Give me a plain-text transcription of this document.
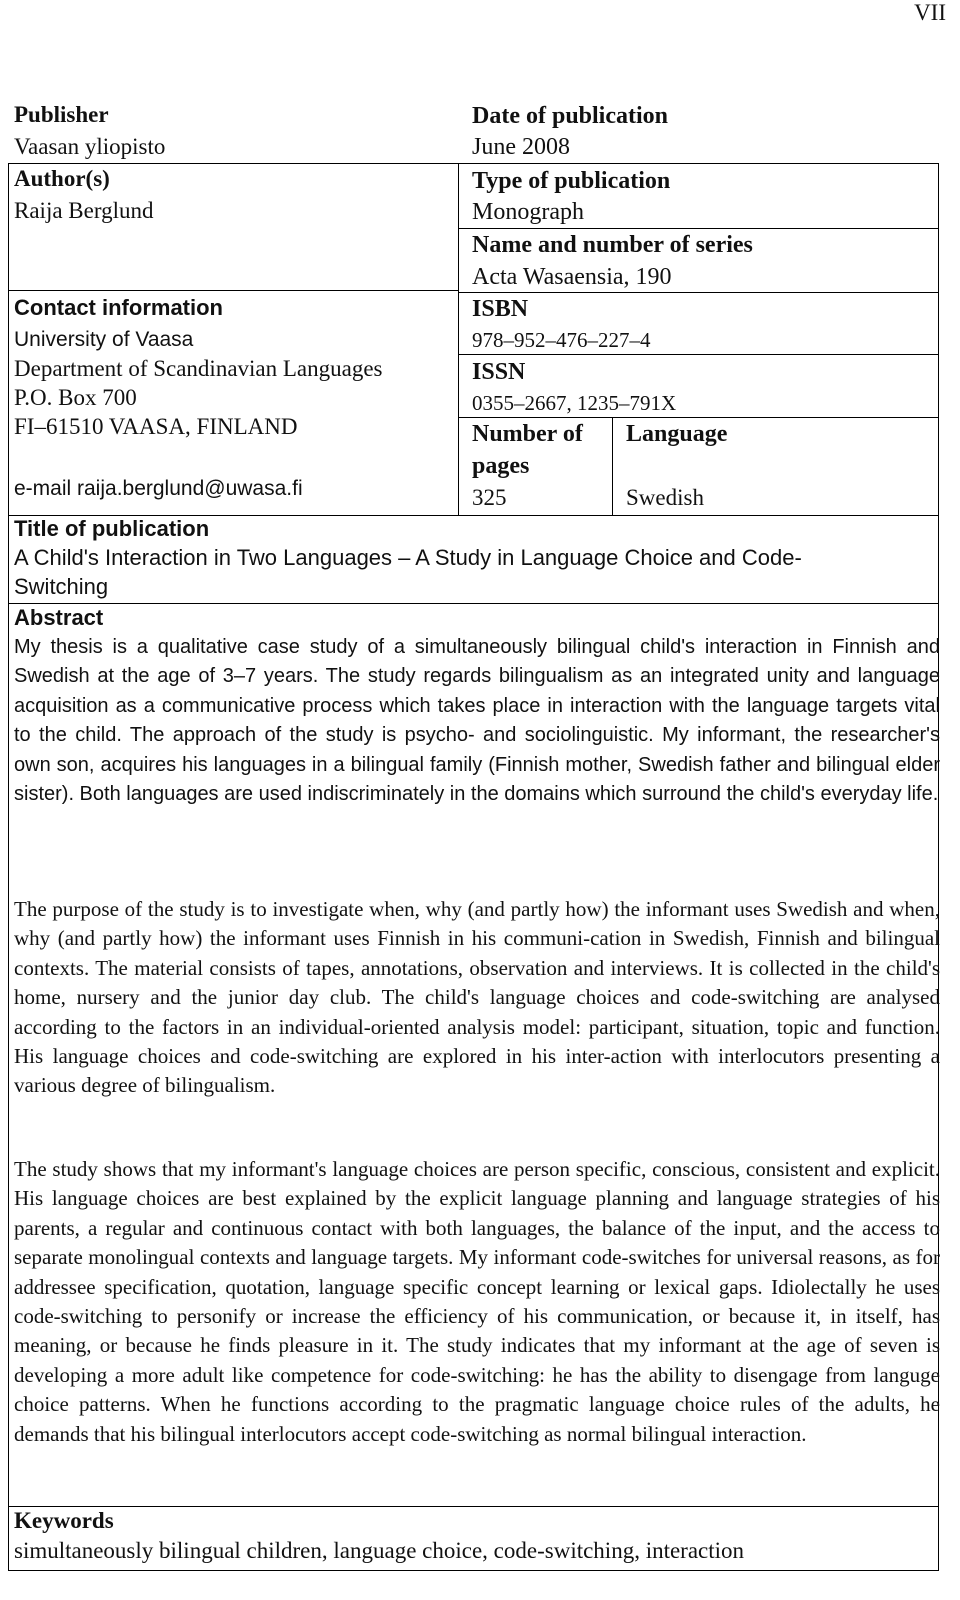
VII
Publisher
Vaasan yliopisto
Author(s)
Raija Berglund
Contact information
University of Vaasa
Department of Scandinavian Languages
P.O. Box 700
FI–61510 VAASA, FINLAND
e-mail raija.berglund@uwasa.fi
Date of publication
June 2008
Type of publication
Monograph
Name and number of series
Acta Wasaensia, 190
ISBN
978–952–476–227–4
ISSN
0355–2667, 1235–791X
Number of
pages
325
Language
Swedish
Title of publication
A Child's Interaction in Two Languages – A Study in Language Choice and Code-Switching
Abstract

My thesis is a qualitative case study of a simultaneously bilingual child's interaction in Finnish and Swedish at the age of 3–7 years. The study regards bilingualism as an integrated unity and language acquisition as a communicative process which takes place in interaction with the language targets vital to the child. The approach of the study is psycho- and sociolinguistic. My informant, the researcher's own son, acquires his languages in a bilingual family (Finnish mother, Swedish father and bilingual elder sister). Both languages are used indiscriminately in the domains which surround the child's everyday life.

The purpose of the study is to investigate when, why (and partly how) the informant uses Swedish and when, why (and partly how) the informant uses Finnish in his communi-cation in Swedish, Finnish and bilingual contexts. The material consists of tapes, annotations, observation and interviews. It is collected in the child's home, nursery and the junior day club. The child's language choices and code-switching are analysed according to the factors in an individual-oriented analysis model: participant, situation, topic and function. His language choices and code-switching are explored in his inter-action with interlocutors presenting a various degree of bilingualism.

The study shows that my informant's language choices are person specific, conscious, consistent and explicit. His language choices are best explained by the explicit language planning and language strategies of his parents, a regular and continuous contact with both languages, the balance of the input, and the access to separate monolingual contexts and language targets. My informant code-switches for universal reasons, as for addressee specification, quotation, language specific concept learning or lexical gaps. Idiolectally he uses code-switching to personify or increase the efficiency of his communication, or because it, in itself, has meaning, or because he finds pleasure in it. The study indicates that my informant at the age of seven is developing a more adult like competence for code-switching: he has the ability to disengage from languge choice patterns. When he functions according to the pragmatic language choice rules of the adults, he demands that his bilingual interlocutors accept code-switching as normal bilingual interaction.

Keywords
simultaneously bilingual children, language choice, code-switching, interaction
